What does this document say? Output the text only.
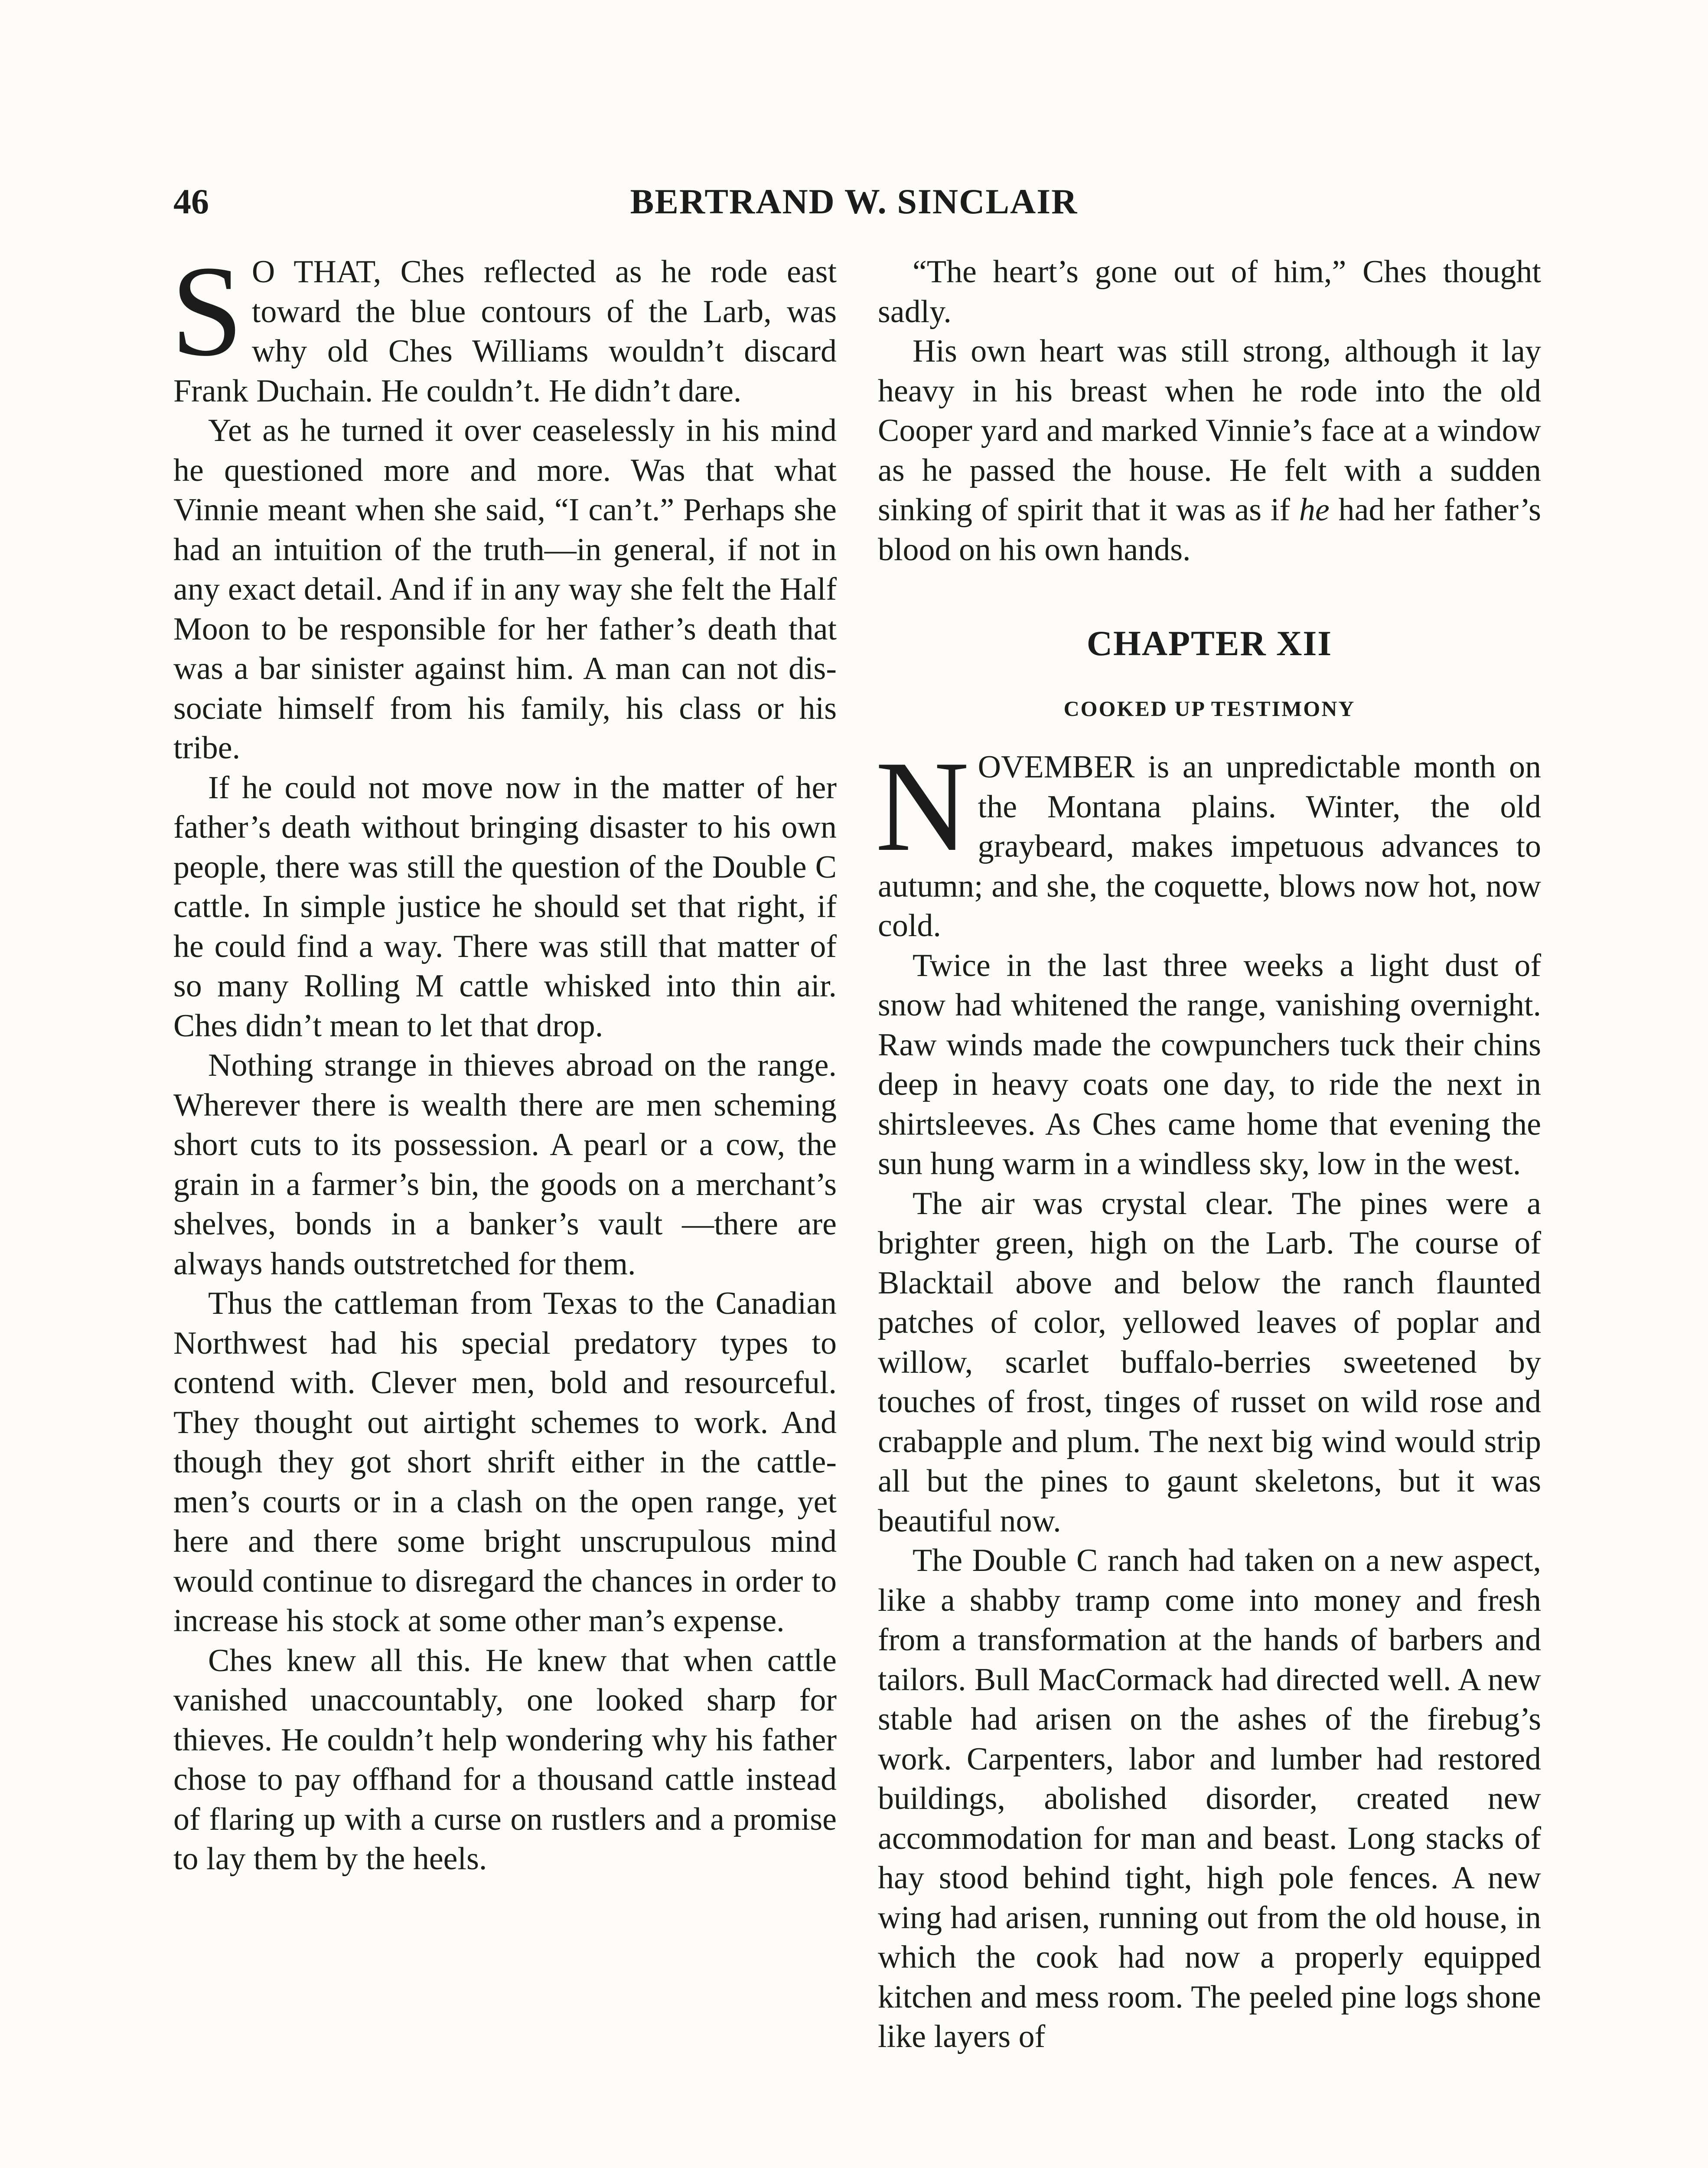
46	BERTRAND W. SINCLAIR

S O THAT, Ches reflected as he rode east toward the blue contours of the Larb, was why old Ches Williams wouldn’t discard Frank Duchain. He couldn’t. He didn’t dare.

Yet as he turned it over ceaselessly in his mind he questioned more and more. Was that what Vinnie meant when she said, “I can’t.” Perhaps she had an intuition of the truth—in general, if not in any exact detail. And if in any way she felt the Half Moon to be responsible for her father’s death that was a bar sinister against him. A man can not dissociate himself from his family, his class or his tribe.

If he could not move now in the matter of her father’s death without bringing disaster to his own people, there was still the question of the Double C cattle. In simple justice he should set that right, if he could find a way. There was still that matter of so many Rolling M cattle whisked into thin air. Ches didn’t mean to let that drop.

Nothing strange in thieves abroad on the range. Wherever there is wealth there are men scheming short cuts to its possession. A pearl or a cow, the grain in a farmer’s bin, the goods on a merchant’s shelves, bonds in a banker’s vault —there are always hands outstretched for them.

Thus the cattleman from Texas to the Canadian Northwest had his special predatory types to contend with. Clever men, bold and resourceful. They thought out airtight schemes to work. And though they got short shrift either in the cattlemen’s courts or in a clash on the open range, yet here and there some bright unscrupulous mind would continue to disregard the chances in order to increase his stock at some other man’s expense.

Ches knew all this. He knew that when cattle vanished unaccountably, one looked sharp for thieves. He couldn’t help wondering why his father chose to pay offhand for a thousand cattle instead of flaring up with a curse on rustlers and a promise to lay them by the heels.

“The heart’s gone out of him,” Ches thought sadly.

His own heart was still strong, although it lay heavy in his breast when he rode into the old Cooper yard and marked Vinnie’s face at a window as he passed the house. He felt with a sudden sinking of spirit that it was as if he had her father’s blood on his own hands.

CHAPTER XII
COOKED UP TESTIMONY

NOVEMBER is an unpredictable month on the Montana plains. Winter, the old graybeard, makes impetuous advances to autumn; and she, the coquette, blows now hot, now cold.

Twice in the last three weeks a light dust of snow had whitened the range, vanishing overnight. Raw winds made the cowpunchers tuck their chins deep in heavy coats one day, to ride the next in shirtsleeves. As Ches came home that evening the sun hung warm in a windless sky, low in the west.

The air was crystal clear. The pines were a brighter green, high on the Larb. The course of Blacktail above and below the ranch flaunted patches of color, yellowed leaves of poplar and willow, scarlet buffalo-berries sweetened by touches of frost, tinges of russet on wild rose and crabapple and plum. The next big wind would strip all but the pines to gaunt skeletons, but it was beautiful now.

The Double C ranch had taken on a new aspect, like a shabby tramp come into money and fresh from a transformation at the hands of barbers and tailors. Bull MacCormack had directed well. A new stable had arisen on the ashes of the firebug’s work. Carpenters, labor and lumber had restored buildings, abolished disorder, created new accommodation for man and beast. Long stacks of hay stood behind tight, high pole fences. A new wing had arisen, running out from the old house, in which the cook had now a properly equipped kitchen and mess room. The peeled pine logs shone like layers of
